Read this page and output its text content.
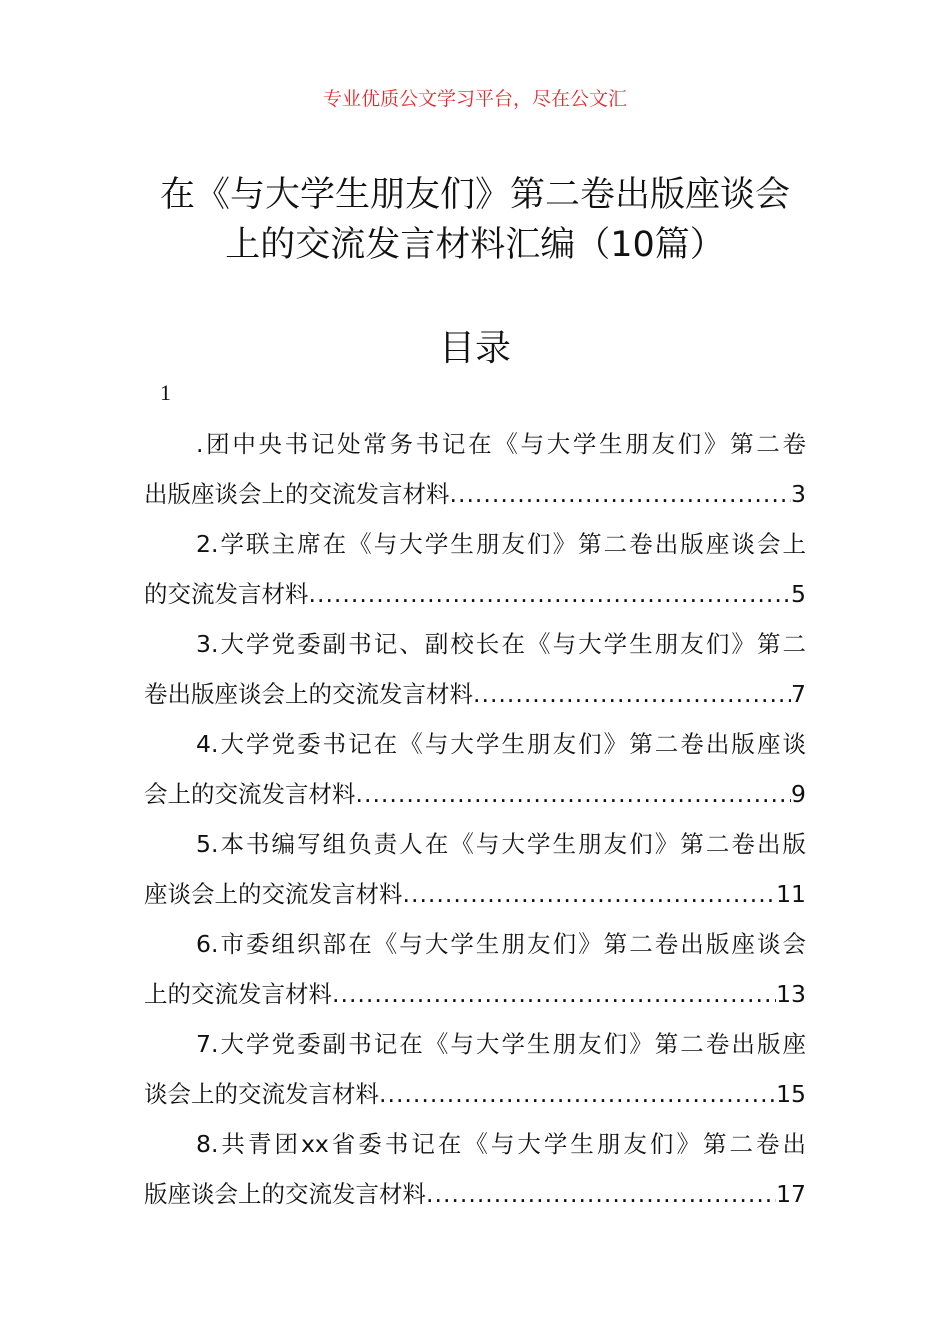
专业优质公文学习平台，尽在公文汇
在《与大学生朋友们》第二卷出版座谈会
上的交流发言材料汇编（10篇）
目录
1
.团中央书记处常务书记在《与大学生朋友们》第二卷
出版座谈会上的交流发言材料 .....	3
2.学联主席在《与大学生朋友们》第二卷出版座谈会上
的交流发言材料 .....	5
3.大学党委副书记、副校长在《与大学生朋友们》第二
卷出版座谈会上的交流发言材料 .....	7
4.大学党委书记在《与大学生朋友们》第二卷出版座谈
会上的交流发言材料 .....	9
5.本书编写组负责人在《与大学生朋友们》第二卷出版
座谈会上的交流发言材料 .....	11
6.市委组织部在《与大学生朋友们》第二卷出版座谈会
上的交流发言材料 .....	13
7.大学党委副书记在《与大学生朋友们》第二卷出版座
谈会上的交流发言材料 .....	15
8.共青团xx省委书记在《与大学生朋友们》第二卷出
版座谈会上的交流发言材料 .....	17
